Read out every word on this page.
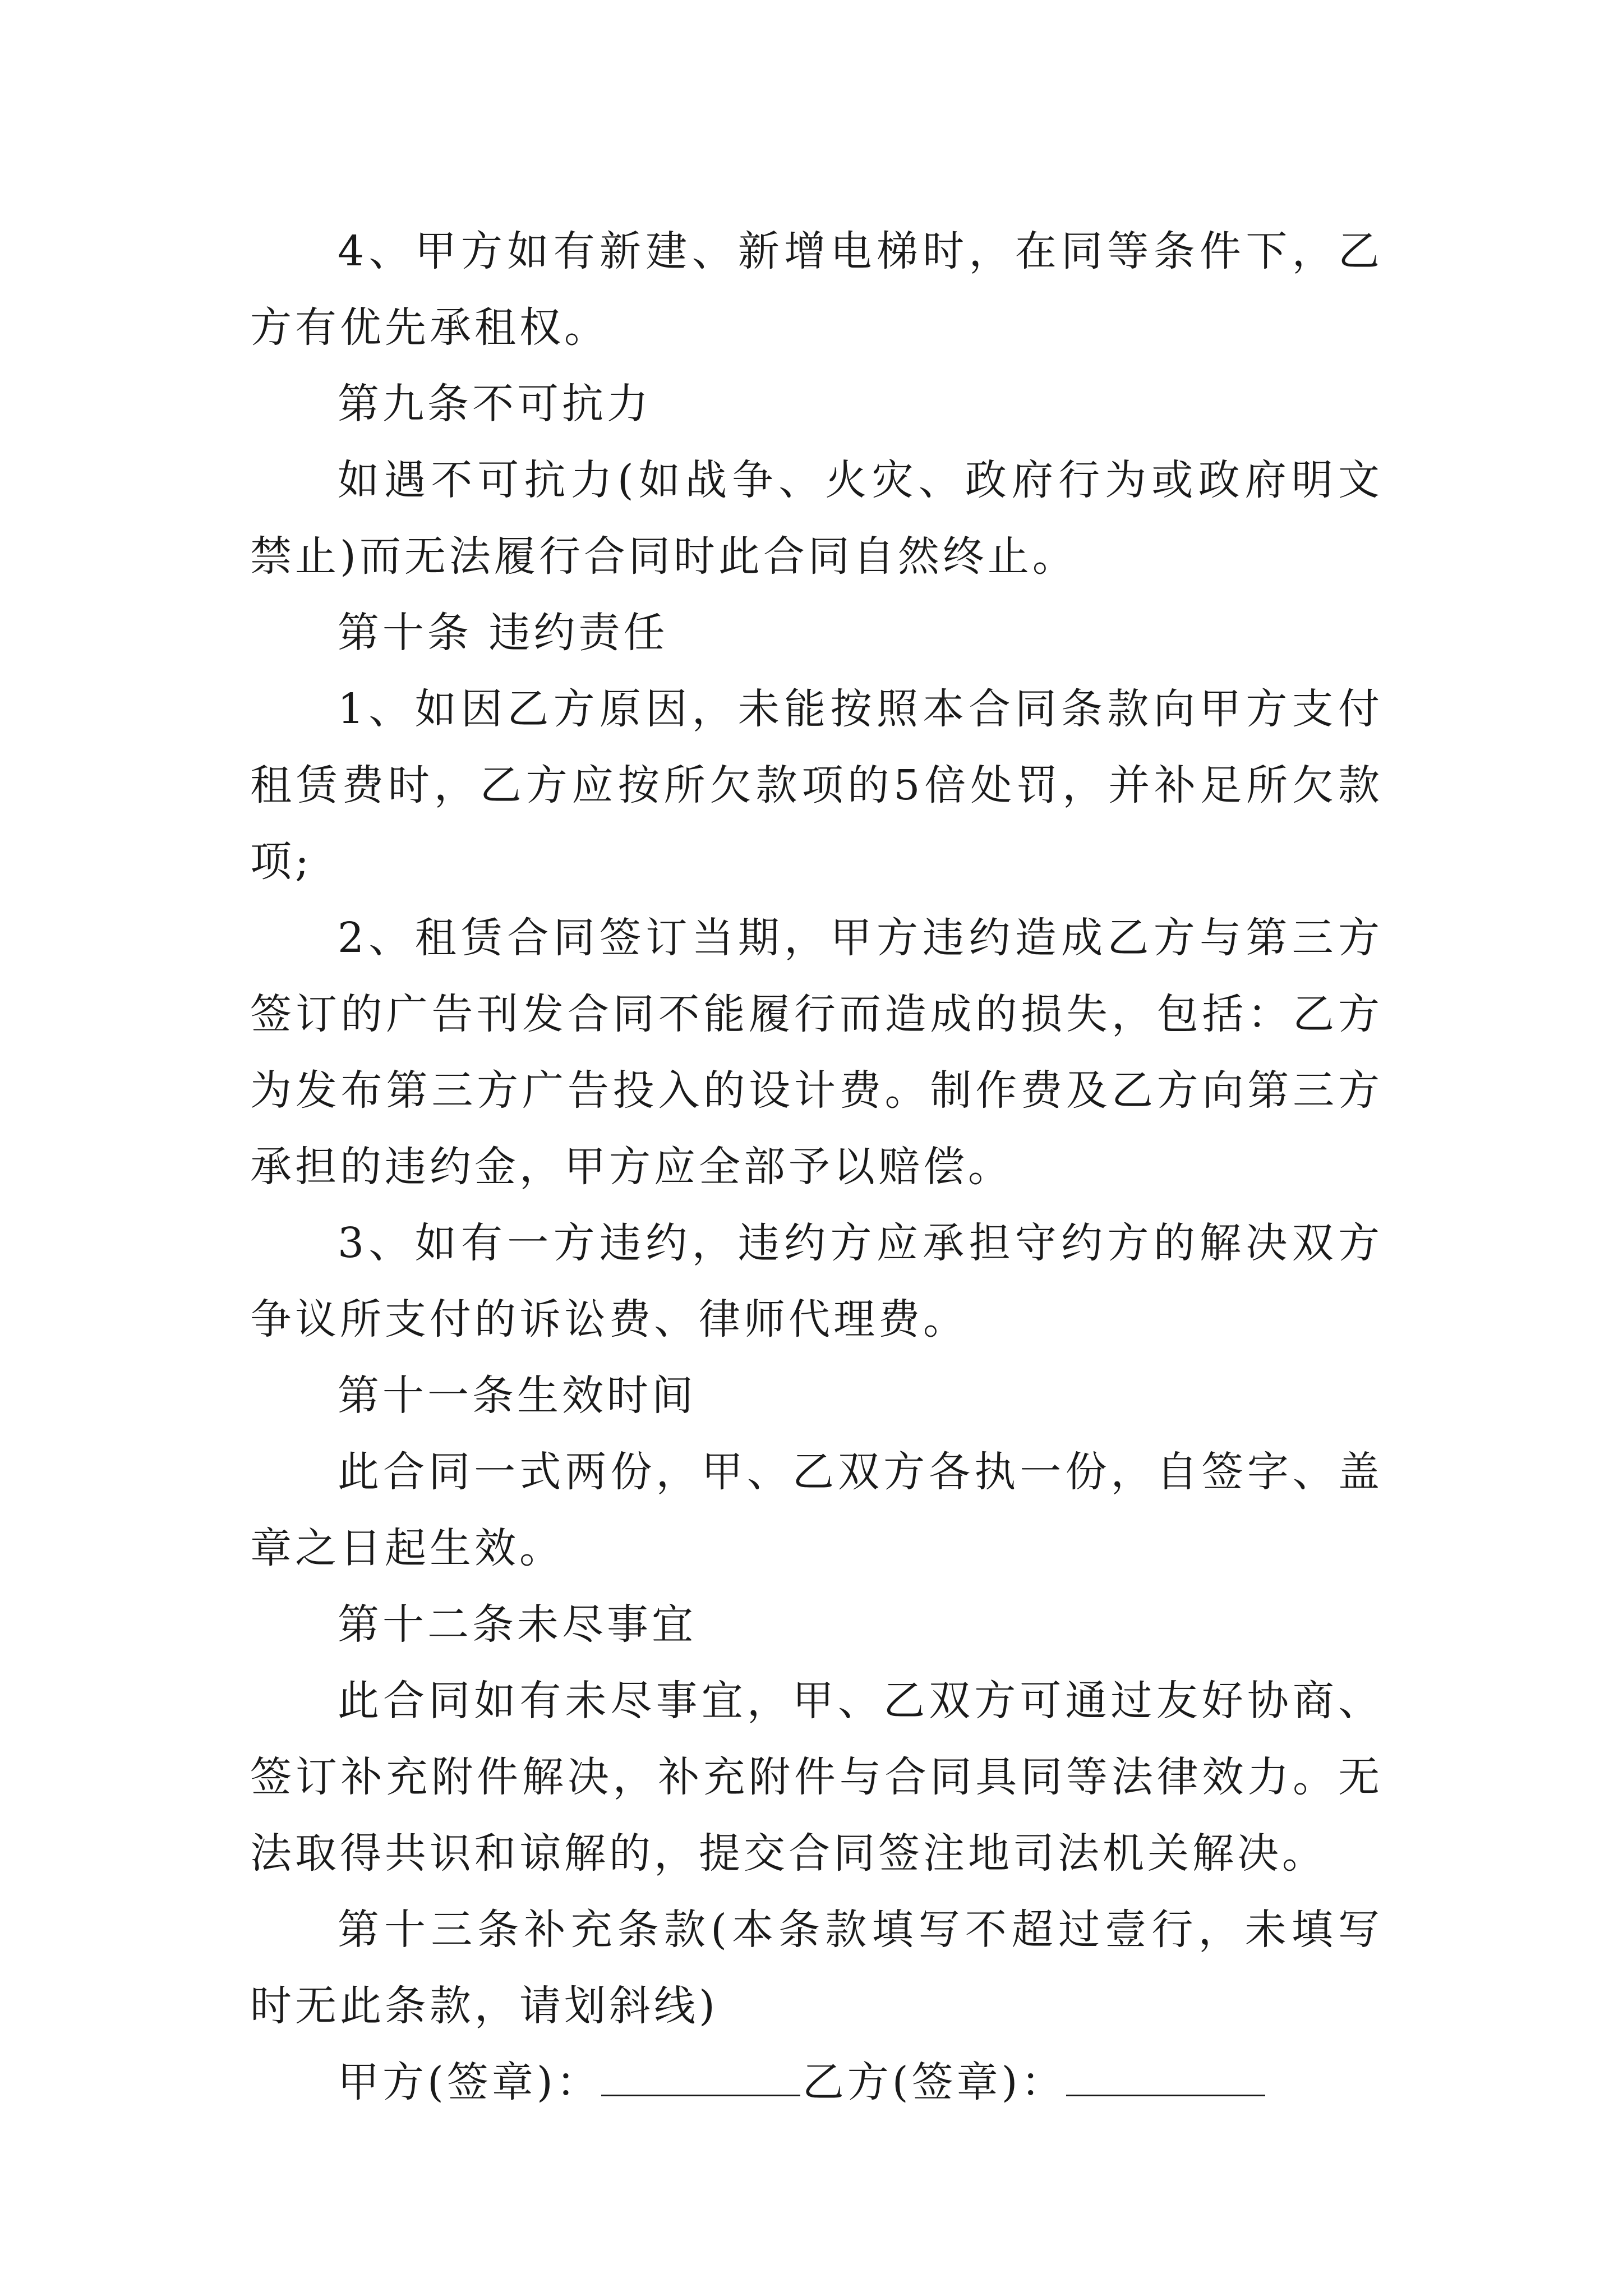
4、甲方如有新建、新增电梯时，在同等条件下，乙方有优先承租权。

第九条不可抗力

如遇不可抗力(如战争、火灾、政府行为或政府明文禁止)而无法履行合同时此合同自然终止。

第十条 违约责任

1、如因乙方原因，未能按照本合同条款向甲方支付租赁费时，乙方应按所欠款项的5倍处罚，并补足所欠款项;

2、租赁合同签订当期，甲方违约造成乙方与第三方签订的广告刊发合同不能履行而造成的损失，包括：乙方为发布第三方广告投入的设计费。制作费及乙方向第三方承担的违约金，甲方应全部予以赔偿。

3、如有一方违约，违约方应承担守约方的解决双方争议所支付的诉讼费、律师代理费。

第十一条生效时间

此合同一式两份，甲、乙双方各执一份，自签字、盖章之日起生效。

第十二条未尽事宜

此合同如有未尽事宜，甲、乙双方可通过友好协商、签订补充附件解决，补充附件与合同具同等法律效力。无法取得共识和谅解的，提交合同签注地司法机关解决。

第十三条补充条款(本条款填写不超过壹行，未填写时无此条款，请划斜线)

甲方(签章)：	乙方(签章)：
